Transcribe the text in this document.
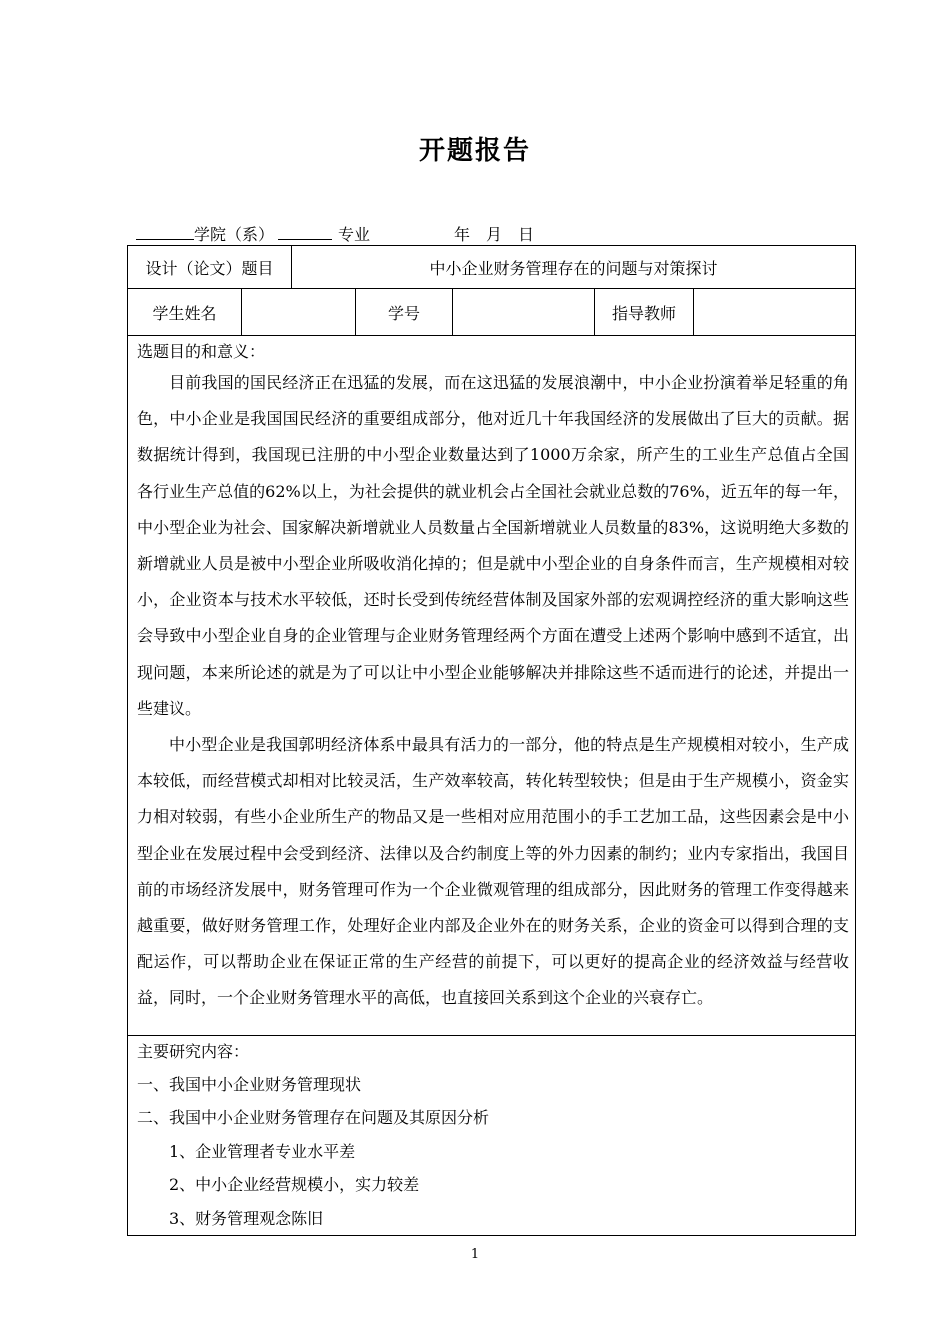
开题报告
学院（系）	专业	年　月　日
设计（论文）题目	中小企业财务管理存在的问题与对策探讨
学生姓名	学号	指导教师
选题目的和意义：
目前我国的国民经济正在迅猛的发展，而在这迅猛的发展浪潮中，中小企业扮演着举足轻重的角色，中小企业是我国国民经济的重要组成部分，他对近几十年我国经济的发展做出了巨大的贡献。据数据统计得到，我国现已注册的中小型企业数量达到了1000万余家，所产生的工业生产总值占全国各行业生产总值的62%以上，为社会提供的就业机会占全国社会就业总数的76%，近五年的每一年，中小型企业为社会、国家解决新增就业人员数量占全国新增就业人员数量的83%，这说明绝大多数的新增就业人员是被中小型企业所吸收消化掉的；但是就中小型企业的自身条件而言，生产规模相对较小，企业资本与技术水平较低，还时长受到传统经营体制及国家外部的宏观调控经济的重大影响这些会导致中小型企业自身的企业管理与企业财务管理经两个方面在遭受上述两个影响中感到不适宜，出现问题，本来所论述的就是为了可以让中小型企业能够解决并排除这些不适而进行的论述，并提出一些建议。
中小型企业是我国郭明经济体系中最具有活力的一部分，他的特点是生产规模相对较小，生产成本较低，而经营模式却相对比较灵活，生产效率较高，转化转型较快；但是由于生产规模小，资金实力相对较弱，有些小企业所生产的物品又是一些相对应用范围小的手工艺加工品，这些因素会是中小型企业在发展过程中会受到经济、法律以及合约制度上等的外力因素的制约；业内专家指出，我国目前的市场经济发展中，财务管理可作为一个企业微观管理的组成部分，因此财务的管理工作变得越来越重要，做好财务管理工作，处理好企业内部及企业外在的财务关系，企业的资金可以得到合理的支配运作，可以帮助企业在保证正常的生产经营的前提下，可以更好的提高企业的经济效益与经营收益，同时，一个企业财务管理水平的高低，也直接回关系到这个企业的兴衰存亡。
主要研究内容：
一、我国中小企业财务管理现状
二、我国中小企业财务管理存在问题及其原因分析
1、企业管理者专业水平差
2、中小企业经营规模小，实力较差
3、财务管理观念陈旧
1
